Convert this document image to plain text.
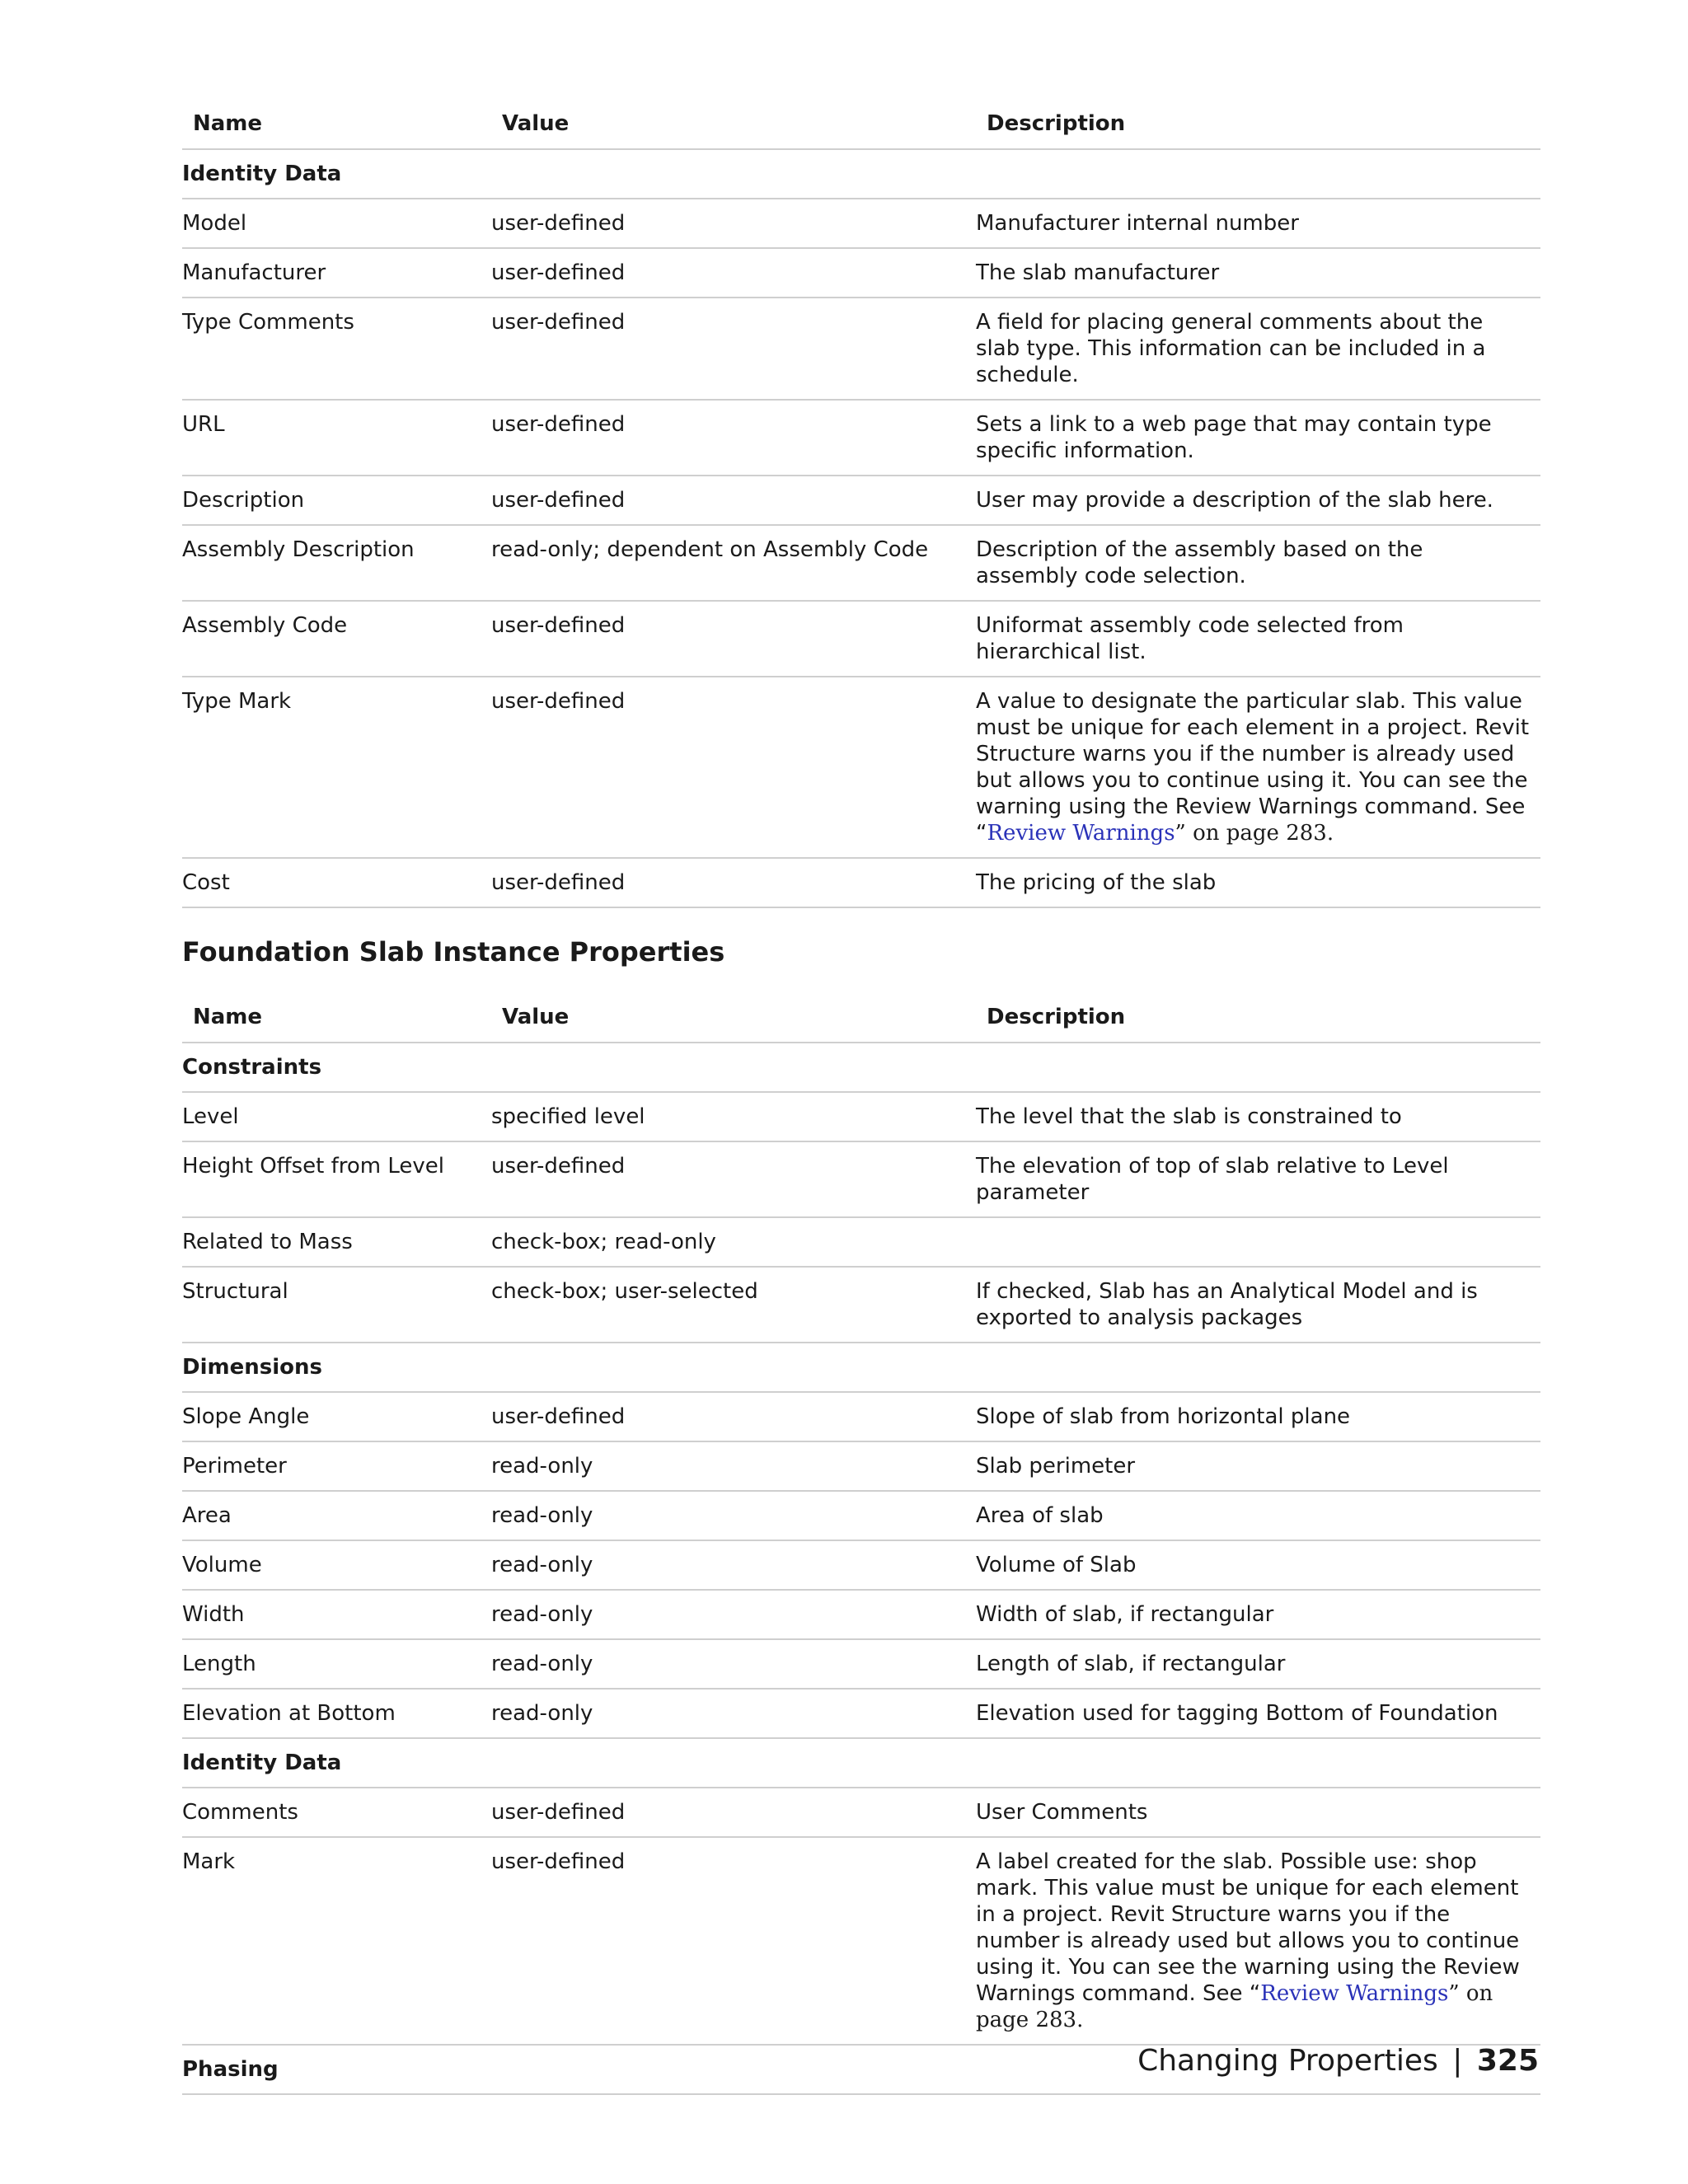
Name	Value	Description
Identity Data		
Model	user-defined	Manufacturer internal number
Manufacturer	user-defined	The slab manufacturer
Type Comments	user-defined	A field for placing general comments about the slab type. This information can be included in a schedule.
URL	user-defined	Sets a link to a web page that may contain type specific information.
Description	user-defined	User may provide a description of the slab here.
Assembly Description	read-only; dependent on Assembly Code	Description of the assembly based on the assembly code selection.
Assembly Code	user-defined	Uniformat assembly code selected from hierarchical list.
Type Mark	user-defined	A value to designate the particular slab. This value must be unique for each element in a project. Revit Structure warns you if the number is already used but allows you to continue using it. You can see the warning using the Review Warnings command. See “Review Warnings” on page 283.
Cost	user-defined	The pricing of the slab
Foundation Slab Instance Properties
Name	Value	Description
Constraints		
Level	specified level	The level that the slab is constrained to
Height Offset from Level	user-defined	The elevation of top of slab relative to Level parameter
Related to Mass	check-box; read-only	
Structural	check-box; user-selected	If checked, Slab has an Analytical Model and is exported to analysis packages
Dimensions		
Slope Angle	user-defined	Slope of slab from horizontal plane
Perimeter	read-only	Slab perimeter
Area	read-only	Area of slab
Volume	read-only	Volume of Slab
Width	read-only	Width of slab, if rectangular
Length	read-only	Length of slab, if rectangular
Elevation at Bottom	read-only	Elevation used for tagging Bottom of Foundation
Identity Data		
Comments	user-defined	User Comments
Mark	user-defined	A label created for the slab. Possible use: shop mark. This value must be unique for each element in a project. Revit Structure warns you if the number is already used but allows you to continue using it. You can see the warning using the Review Warnings command. See “Review Warnings” on page 283.
Phasing			Changing Properties | 325
